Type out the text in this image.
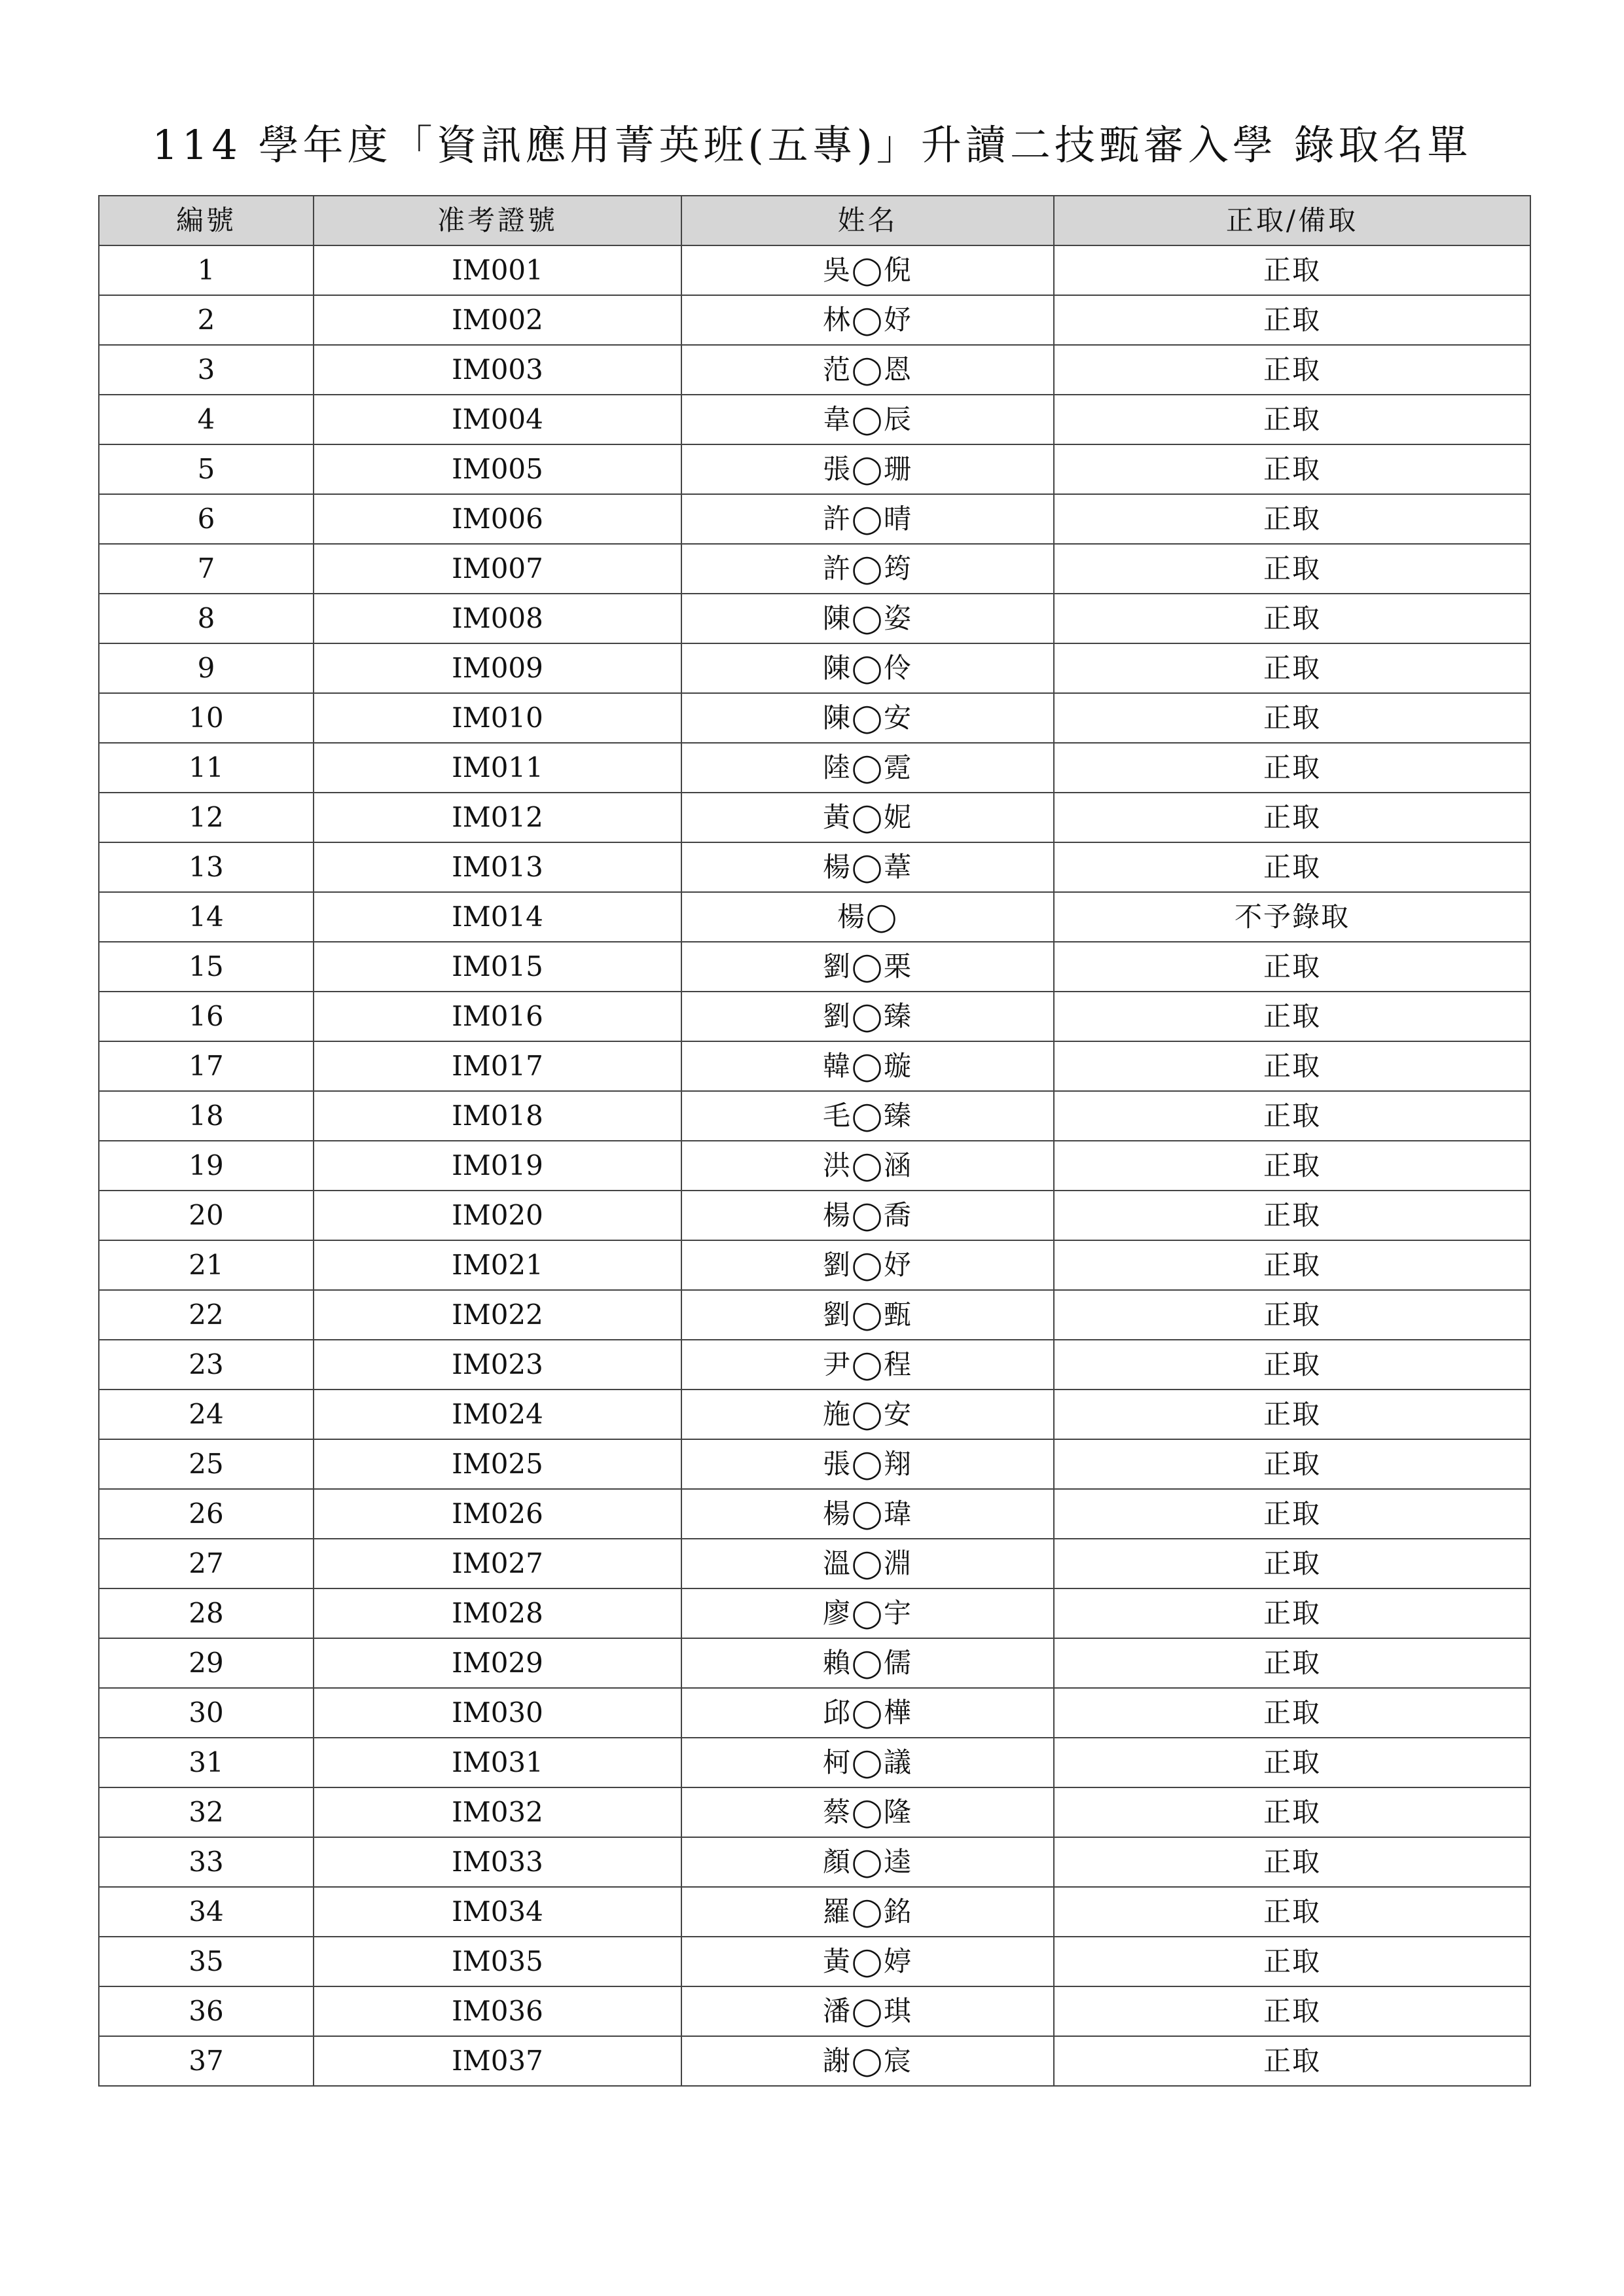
114 學年度「資訊應用菁英班(五專)」升讀二技甄審入學 錄取名單
編號	准考證號	姓名	正取/備取
1	IM001	吳◯倪	正取
2	IM002	林◯妤	正取
3	IM003	范◯恩	正取
4	IM004	韋◯辰	正取
5	IM005	張◯珊	正取
6	IM006	許◯晴	正取
7	IM007	許◯筠	正取
8	IM008	陳◯姿	正取
9	IM009	陳◯伶	正取
10	IM010	陳◯安	正取
11	IM011	陸◯霓	正取
12	IM012	黃◯妮	正取
13	IM013	楊◯葦	正取
14	IM014	楊◯	不予錄取
15	IM015	劉◯栗	正取
16	IM016	劉◯臻	正取
17	IM017	韓◯璇	正取
18	IM018	毛◯臻	正取
19	IM019	洪◯涵	正取
20	IM020	楊◯喬	正取
21	IM021	劉◯妤	正取
22	IM022	劉◯甄	正取
23	IM023	尹◯程	正取
24	IM024	施◯安	正取
25	IM025	張◯翔	正取
26	IM026	楊◯瑋	正取
27	IM027	溫◯淵	正取
28	IM028	廖◯宇	正取
29	IM029	賴◯儒	正取
30	IM030	邱◯樺	正取
31	IM031	柯◯議	正取
32	IM032	蔡◯隆	正取
33	IM033	顏◯逵	正取
34	IM034	羅◯銘	正取
35	IM035	黃◯婷	正取
36	IM036	潘◯琪	正取
37	IM037	謝◯宸	正取
